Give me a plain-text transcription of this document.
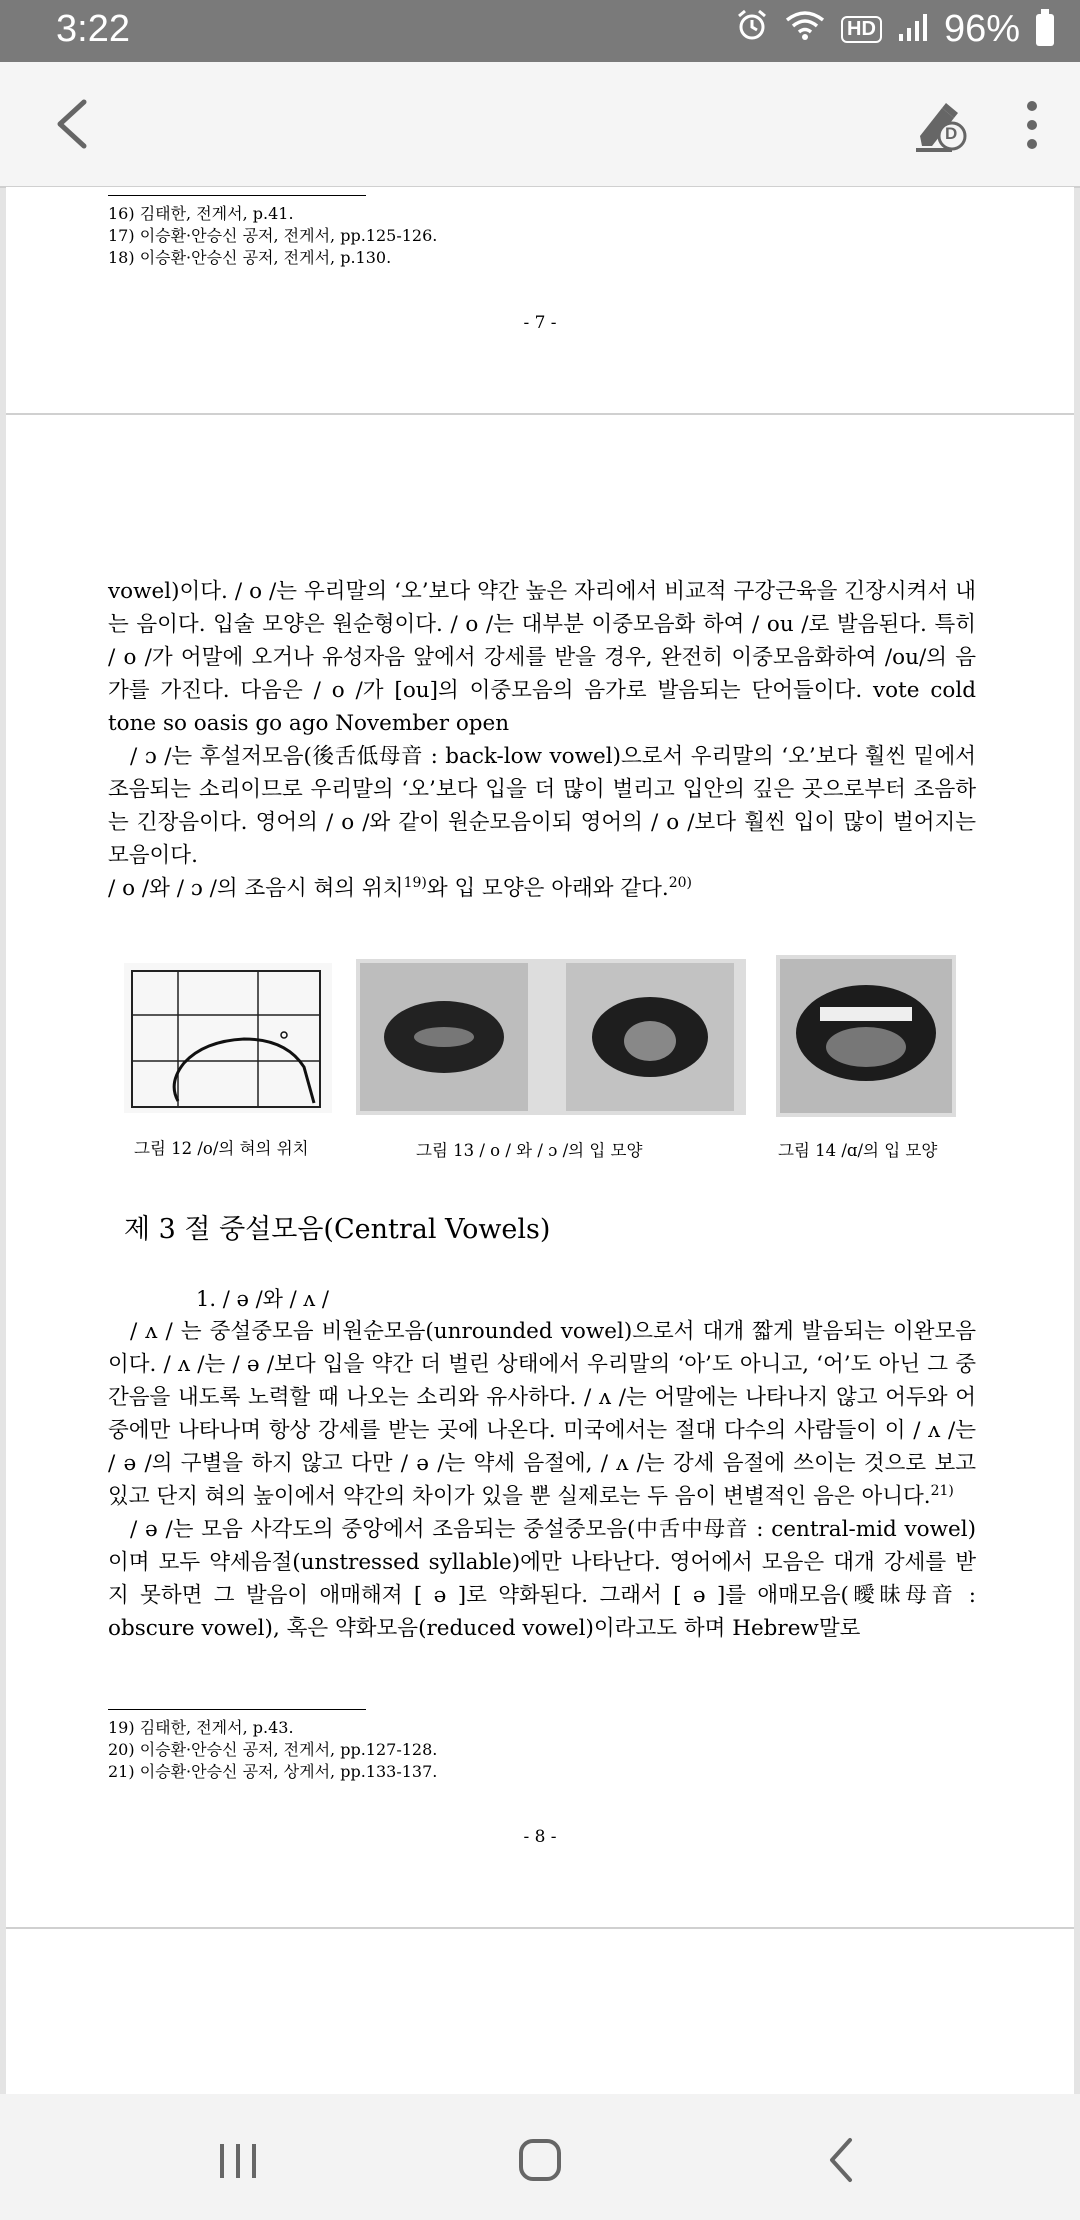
3:22	HD 96%
D
16) 김태한, 전게서, p.41.
17) 이승환·안승신 공저, 전게서, pp.125-126.
18) 이승환·안승신 공저, 전게서, p.130.
- 7 -

vowel)이다. / o /는 우리말의 ‘오’보다 약간 높은 자리에서 비교적 구강근육을 긴장시켜서 내는 음이다. 입술 모양은 원순형이다. / o /는 대부분 이중모음화 하여 / ou /로 발음된다. 특히 / o /가 어말에 오거나 유성자음 앞에서 강세를 받을 경우, 완전히 이중모음화하여 /ou/의 음가를 가진다. 다음은 / o /가 [ou]의 이중모음의 음가로 발음되는 단어들이다. vote cold tone so oasis go ago November open

/ ɔ /는 후설저모음(後舌低母音 : back-low vowel)으로서 우리말의 ‘오’보다 훨씬 밑에서 조음되는 소리이므로 우리말의 ‘오’보다 입을 더 많이 벌리고 입안의 깊은 곳으로부터 조음하는 긴장음이다. 영어의 / o /와 같이 원순모음이되 영어의 / o /보다 훨씬 입이 많이 벌어지는 모음이다.

/ o /와 / ɔ /의 조음시 혀의 위치$^{19)}$와 입 모양은 아래와 같다.$^{20)}$

그림 12 /o/의 혀의 위치	그림 13 / o / 와 / ɔ /의 입 모양	그림 14 /ɑ/의 입 모양
제 3 절 중설모음(Central Vowels)
1. / ə /와 / ʌ /

/ ʌ / 는 중설중모음 비원순모음(unrounded vowel)으로서 대개 짧게 발음되는 이완모음이다. / ʌ /는 / ə /보다 입을 약간 더 벌린 상태에서 우리말의 ‘아’도 아니고, ‘어’도 아닌 그 중간음을 내도록 노력할 때 나오는 소리와 유사하다. / ʌ /는 어말에는 나타나지 않고 어두와 어중에만 나타나며 항상 강세를 받는 곳에 나온다. 미국에서는 절대 다수의 사람들이 이 / ʌ /는 / ə /의 구별을 하지 않고 다만 / ə /는 약세 음절에, / ʌ /는 강세 음절에 쓰이는 것으로 보고 있고 단지 혀의 높이에서 약간의 차이가 있을 뿐 실제로는 두 음이 변별적인 음은 아니다.$^{21)}$

/ ə /는 모음 사각도의 중앙에서 조음되는 중설중모음(中舌中母音 : central-mid vowel)이며 모두 약세음절(unstressed syllable)에만 나타난다. 영어에서 모음은 대개 강세를 받지 못하면 그 발음이 애매해져 [ ə ]로 약화된다. 그래서 [ ə ]를 애매모음(曖昧母音 : obscure vowel), 혹은 약화모음(reduced vowel)이라고도 하며 Hebrew말로

19) 김태한, 전게서, p.43.
20) 이승환·안승신 공저, 전게서, pp.127-128.
21) 이승환·안승신 공저, 상게서, pp.133-137.
- 8 -
